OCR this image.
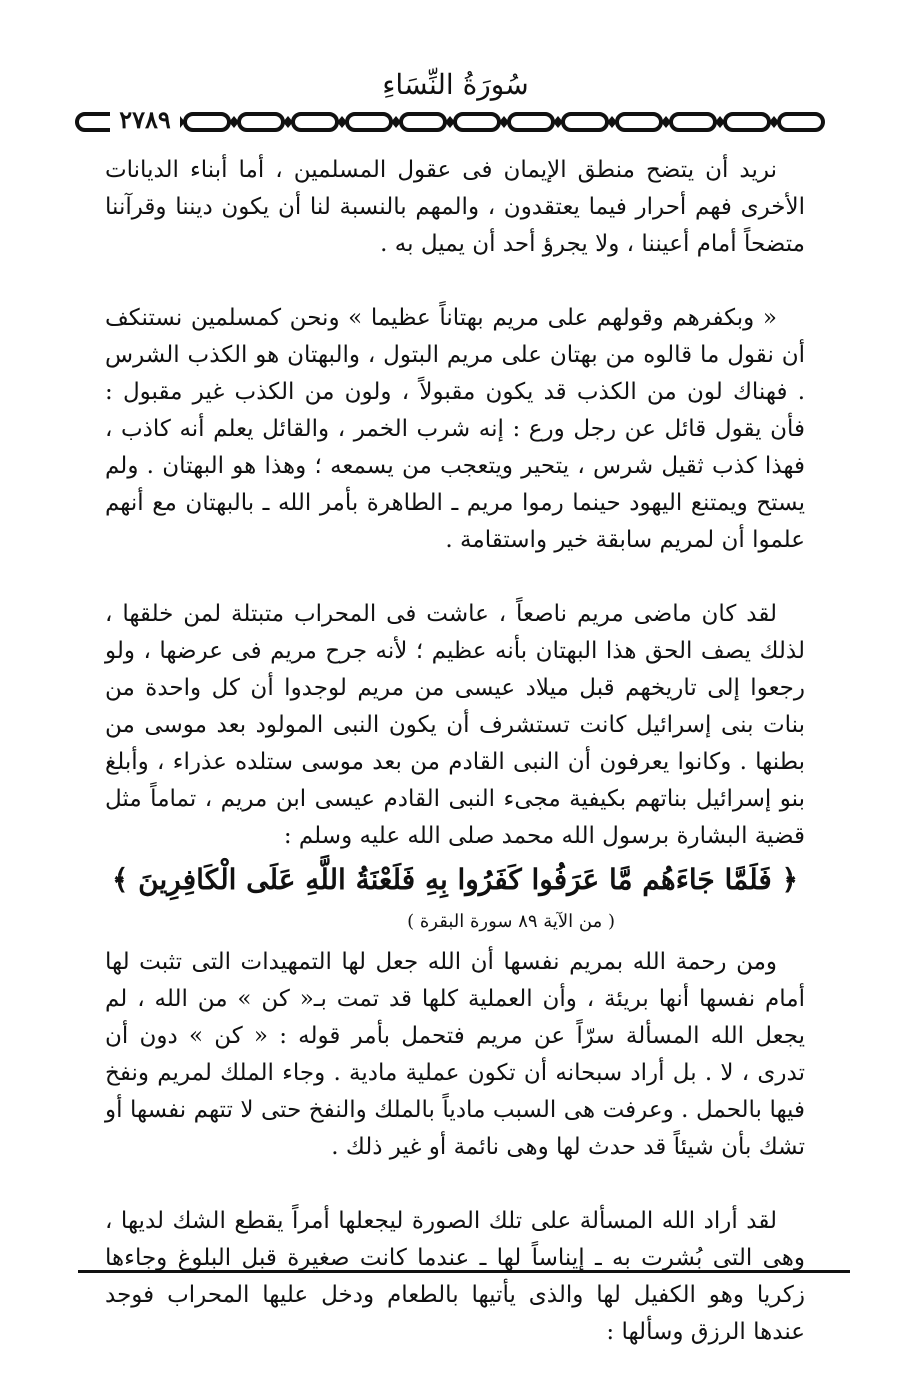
سُورَةُ النِّسَاءِ
٢٧٨٩

نريد أن يتضح منطق الإيمان فى عقول المسلمين ، أما أبناء الديانات الأخرى فهم أحرار فيما يعتقدون ، والمهم بالنسبة لنا أن يكون ديننا وقرآننا متضحاً أمام أعيننا ، ولا يجرؤ أحد أن يميل به .

« وبكفرهم وقولهم على مريم بهتاناً عظيما » ونحن كمسلمين نستنكف أن نقول ما قالوه من بهتان على مريم البتول ، والبهتان هو الكذب الشرس . فهناك لون من الكذب قد يكون مقبولاً ، ولون من الكذب غير مقبول : فأن يقول قائل عن رجل ورع : إنه شرب الخمر ، والقائل يعلم أنه كاذب ، فهذا كذب ثقيل شرس ، يتحير ويتعجب من يسمعه ؛ وهذا هو البهتان . ولم يستح ويمتنع اليهود حينما رموا مريم ـ الطاهرة بأمر الله ـ بالبهتان مع أنهم علموا أن لمريم سابقة خير واستقامة .

لقد كان ماضى مريم ناصعاً ، عاشت فى المحراب متبتلة لمن خلقها ، لذلك يصف الحق هذا البهتان بأنه عظيم ؛ لأنه جرح مريم فى عرضها ، ولو رجعوا إلى تاريخهم قبل ميلاد عيسى من مريم لوجدوا أن كل واحدة من بنات بنى إسرائيل كانت تستشرف أن يكون النبى المولود بعد موسى من بطنها . وكانوا يعرفون أن النبى القادم من بعد موسى ستلده عذراء ، وأبلغ بنو إسرائيل بناتهم بكيفية مجىء النبى القادم عيسى ابن مريم ، تماماً مثل قضية البشارة برسول الله محمد صلى الله عليه وسلم :

﴿ فَلَمَّا جَاءَهُم مَّا عَرَفُوا كَفَرُوا بِهِ فَلَعْنَةُ اللَّهِ عَلَى الْكَافِرِينَ ﴾
( من الآية ٨٩ سورة البقرة )

ومن رحمة الله بمريم نفسها أن الله جعل لها التمهيدات التى تثبت لها أمام نفسها أنها بريئة ، وأن العملية كلها قد تمت بـ« كن » من الله ، لم يجعل الله المسألة سرّاً عن مريم فتحمل بأمر قوله : « كن » دون أن تدرى ، لا . بل أراد سبحانه أن تكون عملية مادية . وجاء الملك لمريم ونفخ فيها بالحمل . وعرفت هى السبب مادياً بالملك والنفخ حتى لا تتهم نفسها أو تشك بأن شيئاً قد حدث لها وهى نائمة أو غير ذلك .

لقد أراد الله المسألة على تلك الصورة ليجعلها أمراً يقطع الشك لديها ، وهى التى بُشرت به ـ إيناساً لها ـ عندما كانت صغيرة قبل البلوغ وجاءها زكريا وهو الكفيل لها والذى يأتيها بالطعام ودخل عليها المحراب فوجد عندها الرزق وسألها :
